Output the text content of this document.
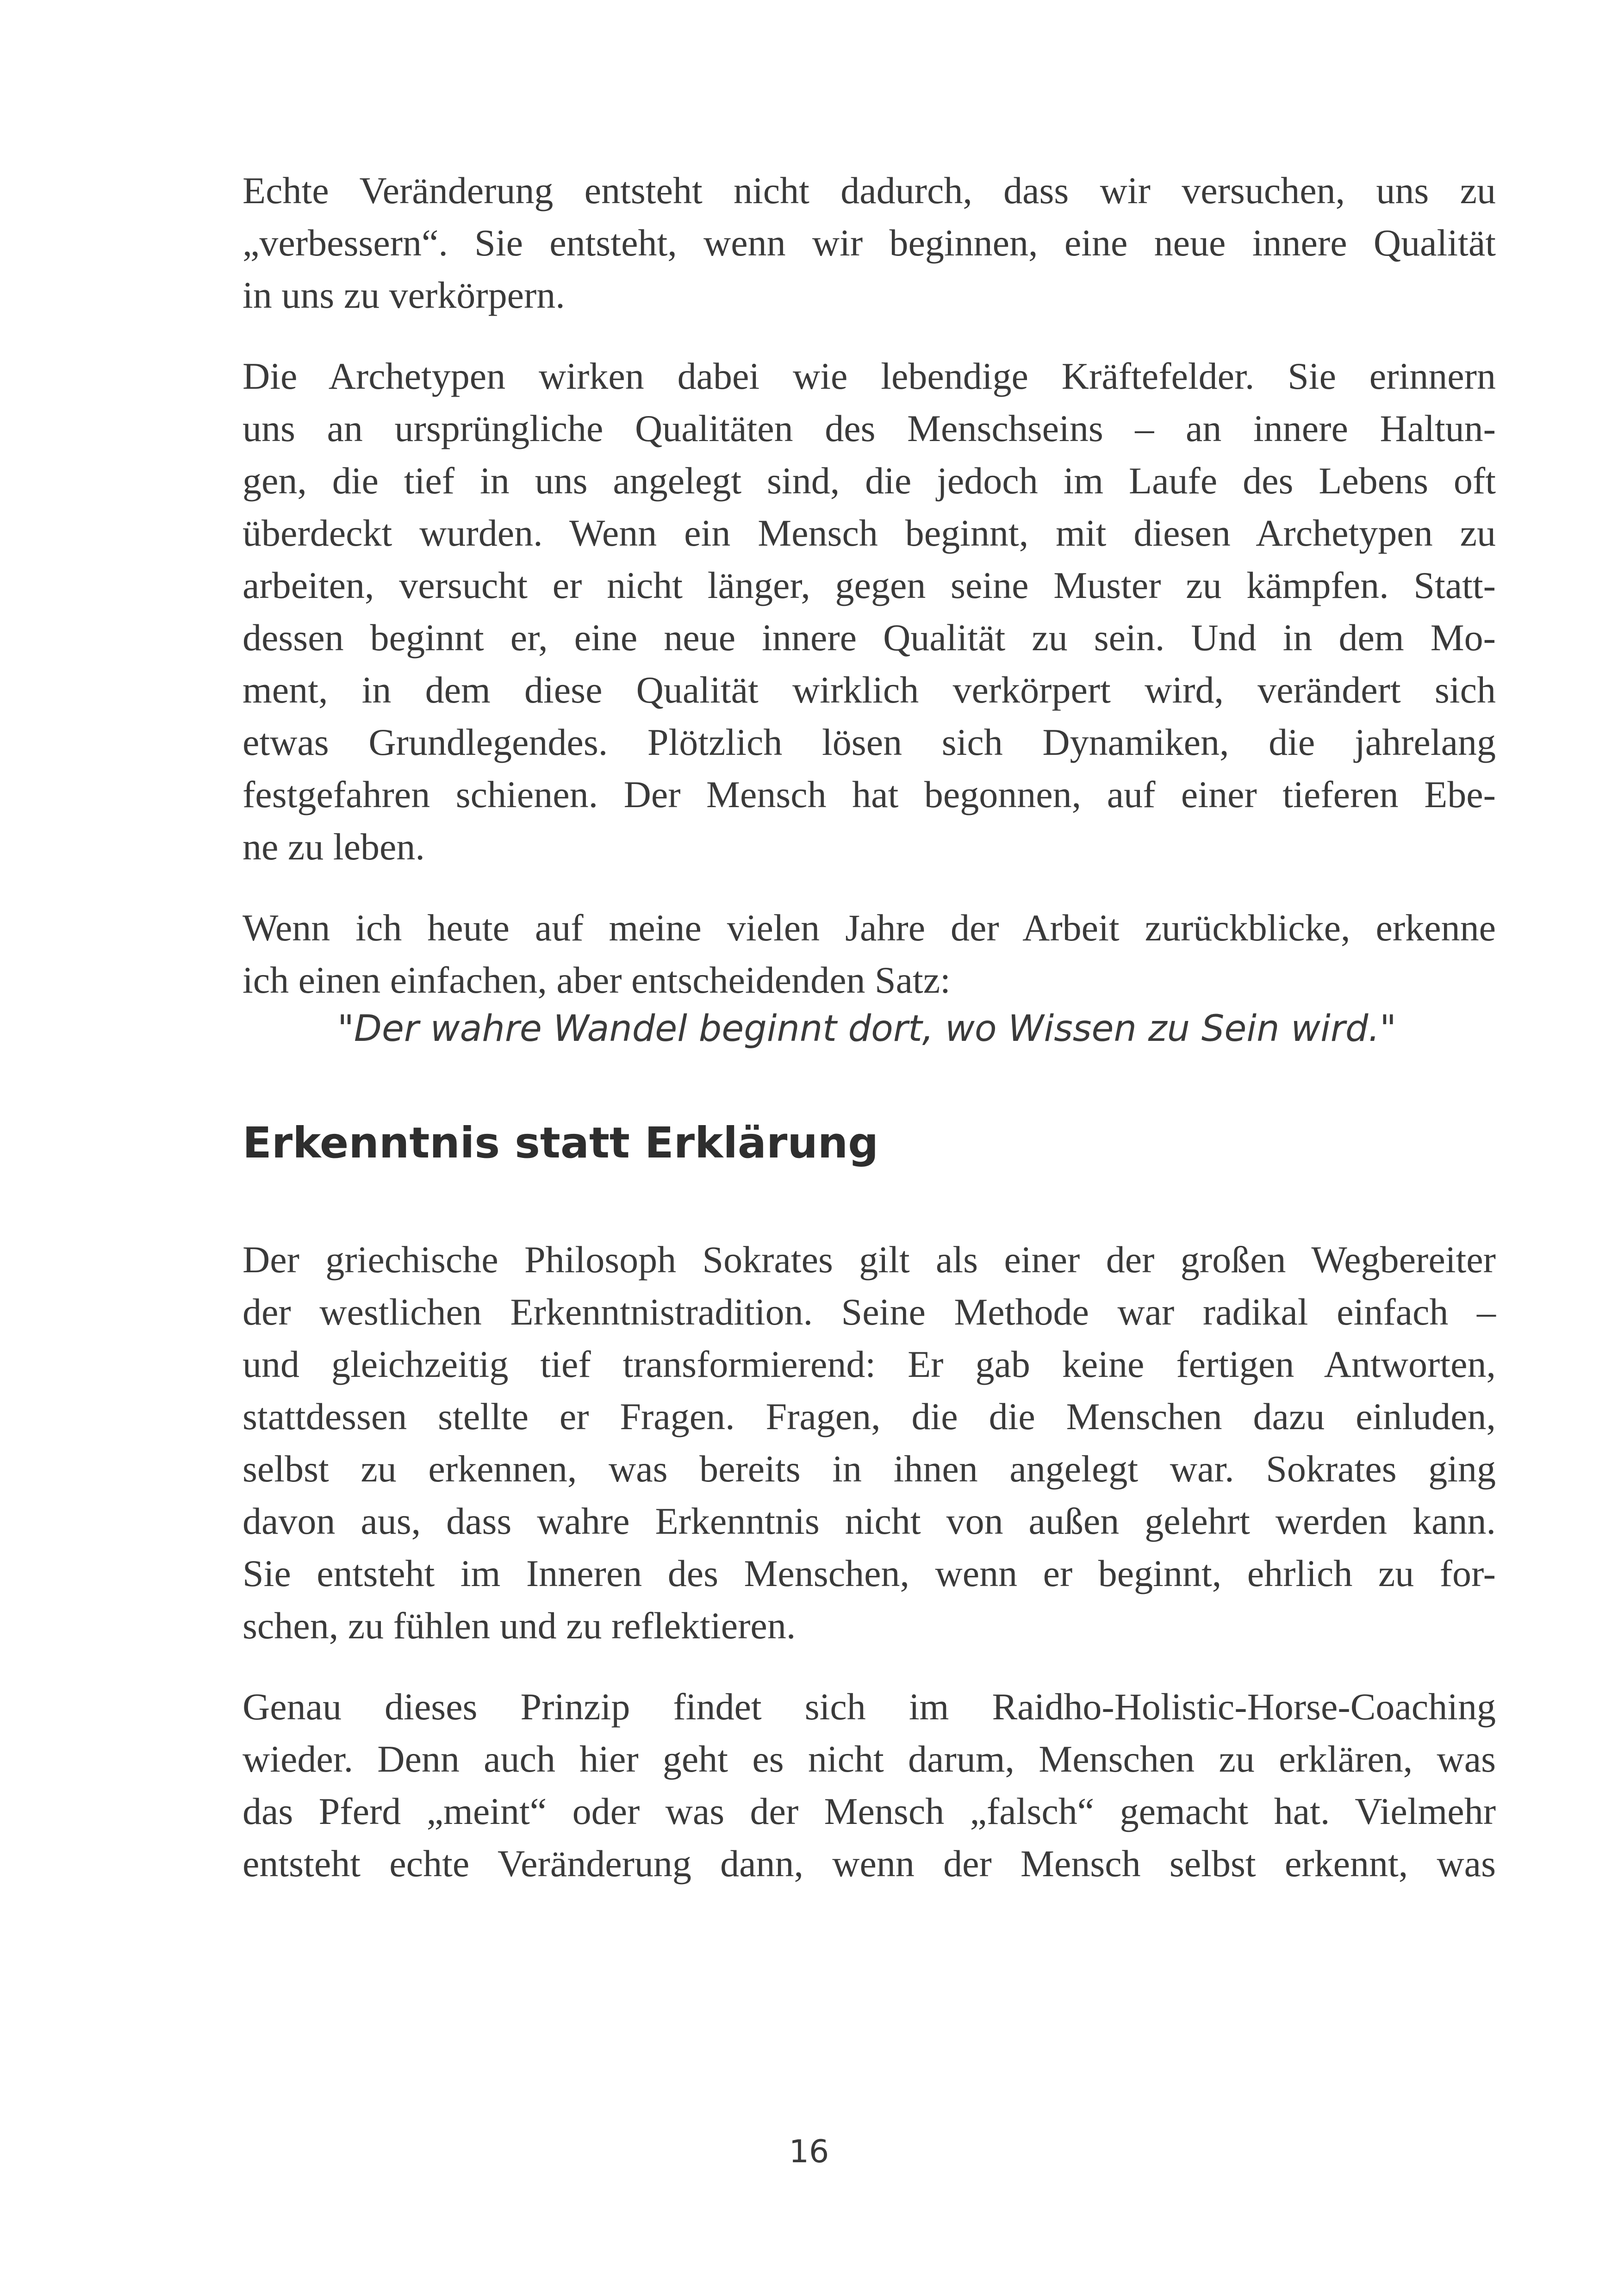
Echte Veränderung entsteht nicht dadurch, dass wir versuchen, uns zu
„verbessern“. Sie entsteht, wenn wir beginnen, eine neue innere Qualität
in uns zu verkörpern.
Die Archetypen wirken dabei wie lebendige Kräftefelder. Sie erinnern
uns an ursprüngliche Qualitäten des Menschseins – an innere Haltun-
gen, die tief in uns angelegt sind, die jedoch im Laufe des Lebens oft
überdeckt wurden. Wenn ein Mensch beginnt, mit diesen Archetypen zu
arbeiten, versucht er nicht länger, gegen seine Muster zu kämpfen. Statt-
dessen beginnt er, eine neue innere Qualität zu sein. Und in dem Mo-
ment, in dem diese Qualität wirklich verkörpert wird, verändert sich
etwas Grundlegendes. Plötzlich lösen sich Dynamiken, die jahrelang
festgefahren schienen. Der Mensch hat begonnen, auf einer tieferen Ebe-
ne zu leben.
Wenn ich heute auf meine vielen Jahre der Arbeit zurückblicke, erkenne
ich einen einfachen, aber entscheidenden Satz:
"Der wahre Wandel beginnt dort, wo Wissen zu Sein wird."
Erkenntnis statt Erklärung
Der griechische Philosoph Sokrates gilt als einer der großen Wegbereiter
der westlichen Erkenntnistradition. Seine Methode war radikal einfach –
und gleichzeitig tief transformierend: Er gab keine fertigen Antworten,
stattdessen stellte er Fragen. Fragen, die die Menschen dazu einluden,
selbst zu erkennen, was bereits in ihnen angelegt war. Sokrates ging
davon aus, dass wahre Erkenntnis nicht von außen gelehrt werden kann.
Sie entsteht im Inneren des Menschen, wenn er beginnt, ehrlich zu for-
schen, zu fühlen und zu reflektieren.
Genau dieses Prinzip findet sich im Raidho-Holistic-Horse-Coaching
wieder. Denn auch hier geht es nicht darum, Menschen zu erklären, was
das Pferd „meint“ oder was der Mensch „falsch“ gemacht hat. Vielmehr
entsteht echte Veränderung dann, wenn der Mensch selbst erkennt, was
16
